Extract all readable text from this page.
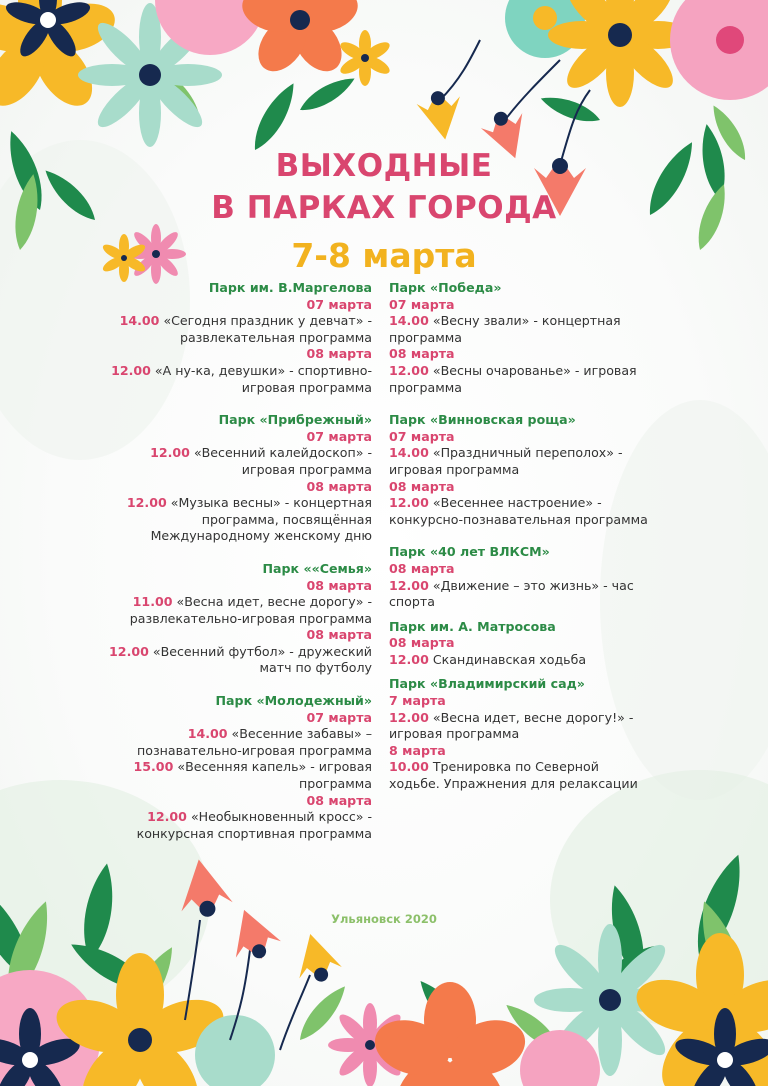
ВЫХОДНЫЕ
В ПАРКАХ ГОРОДА
7-8 марта
Парк им. В.Маргелова
07 марта
14.00 «Сегодня праздник у девчат» - развлекательная программа
08 марта
12.00 «А ну-ка, девушки» - спортивно-игровая программа
Парк «Прибрежный»
07 марта
12.00 «Весенний калейдоскоп» - игровая программа
08 марта
12.00 «Музыка весны» - концертная программа, посвящённая Международному женскому дню
Парк ««Семья»
08 марта
11.00 «Весна идет, весне дорогу» - развлекательно-игровая программа
08 марта
12.00 «Весенний футбол» - дружеский матч по футболу
Парк «Молодежный»
07 марта
14.00 «Весенние забавы» – познавательно-игровая программа
15.00 «Весенняя капель» - игровая программа
08 марта
12.00 «Необыкновенный кросс» - конкурсная спортивная программа
Парк «Победа»
07 марта
14.00 «Весну звали» - концертная программа
08 марта
12.00 «Весны очарованье» - игровая программа
Парк «Винновская роща»
07 марта
14.00 «Праздничный переполох» - игровая программа
08 марта
12.00 «Весеннее настроение» - конкурсно-познавательная программа
Парк «40 лет ВЛКСМ»
08 марта
12.00 «Движение – это жизнь» - час спорта
Парк им. А. Матросова
08 марта
12.00 Скандинавская ходьба
Парк «Владимирский сад»
7 марта
12.00 «Весна идет, весне дорогу!» - игровая программа
8 марта
10.00 Тренировка по Северной ходьбе. Упражнения для релаксации
Ульяновск 2020
